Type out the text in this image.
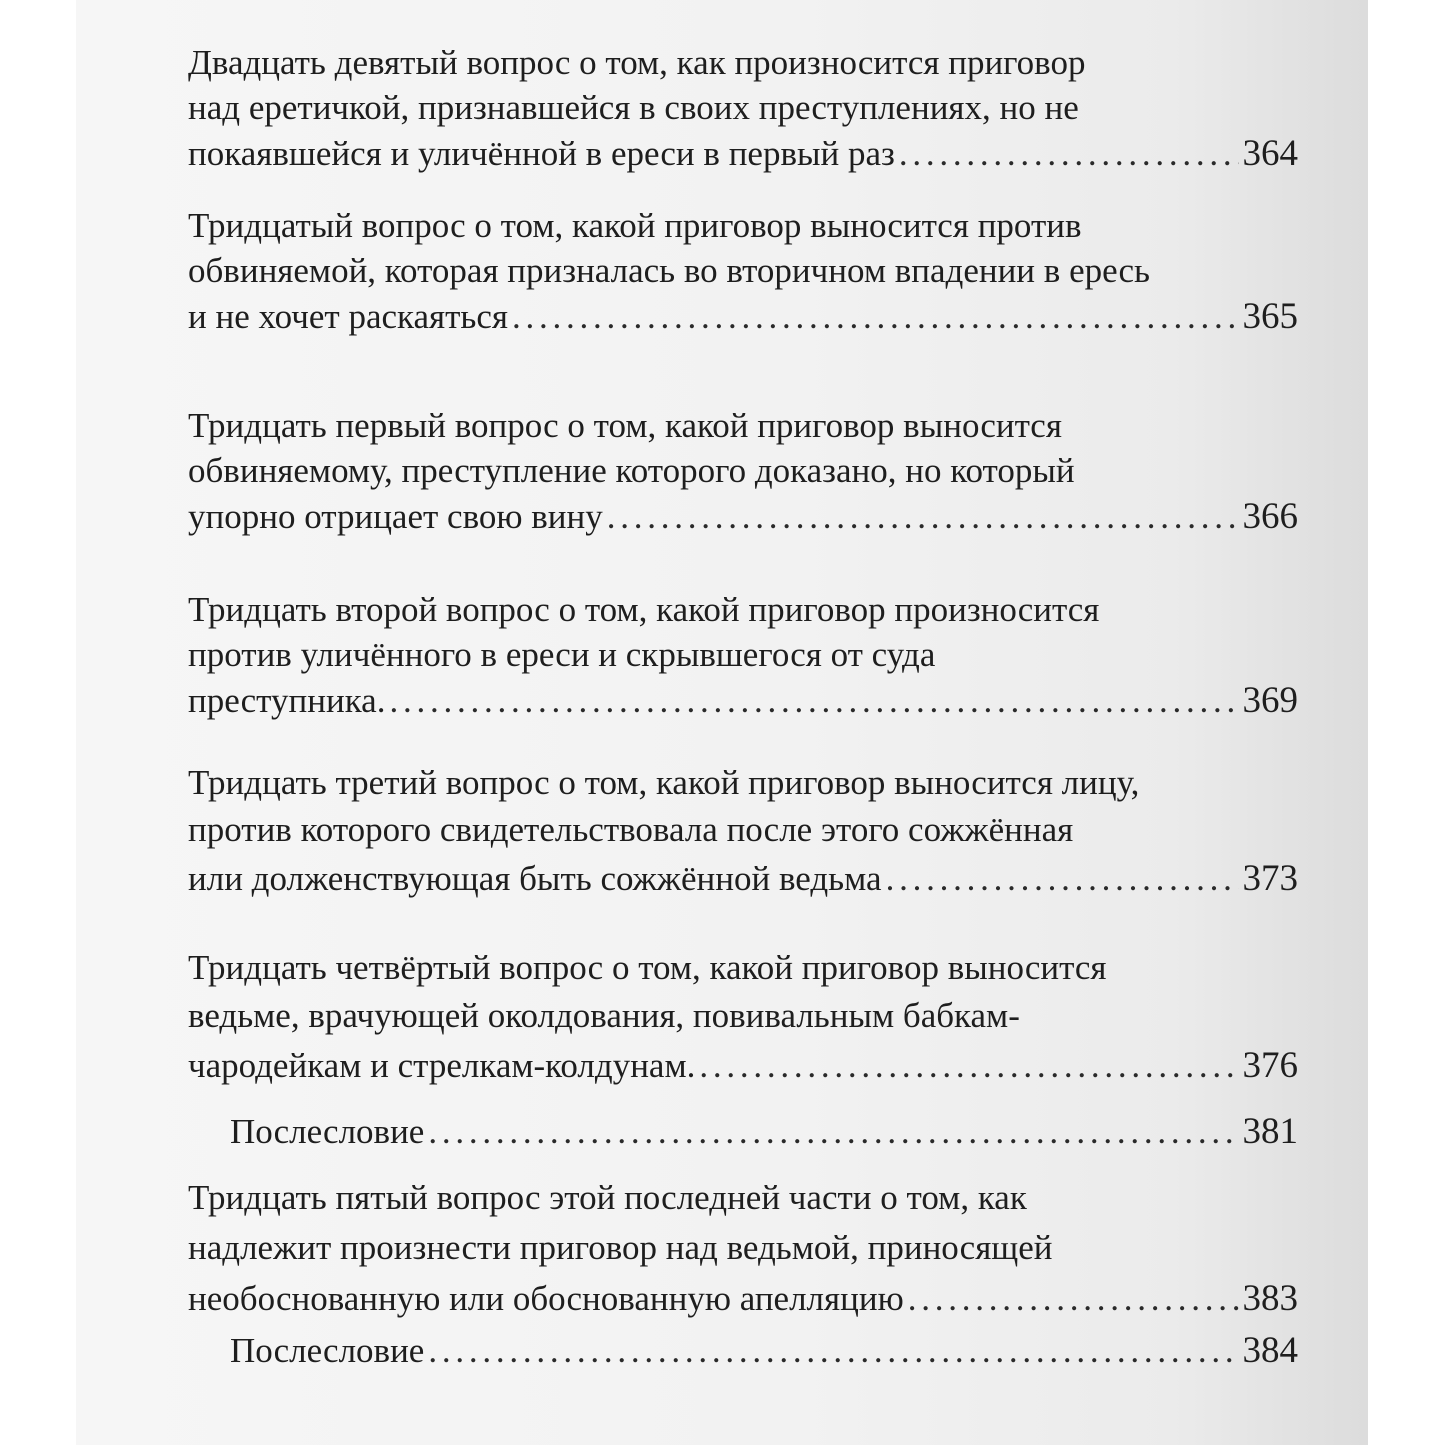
Двадцать девятый вопрос о том, как произносится приговор
над еретичкой, признавшейся в своих преступлениях, но не
покаявшейся и уличённой в ереси в первый раз . . .	364
Тридцатый вопрос о том, какой приговор выносится против
обвиняемой, которая призналась во вторичном впадении в ересь
и не хочет раскаяться . . .	365
Тридцать первый вопрос о том, какой приговор выносится
обвиняемому, преступление которого доказано, но который
упорно отрицает свою вину . . .	366
Тридцать второй вопрос о том, какой приговор произносится
против уличённого в ереси и скрывшегося от суда
преступника. . . .	369
Тридцать третий вопрос о том, какой приговор выносится лицу,
против которого свидетельствовала после этого сожжённая
или долженствующая быть сожжённой ведьма . . .	373
Тридцать четвёртый вопрос о том, какой приговор выносится
ведьме, врачующей околдования, повивальным бабкам-
чародейкам и стрелкам-колдунам. . . .	376
Послесловие . . .	381
Тридцать пятый вопрос этой последней части о том, как
надлежит произнести приговор над ведьмой, приносящей
необоснованную или обоснованную апелляцию . . .	383
Послесловие . . .	384
